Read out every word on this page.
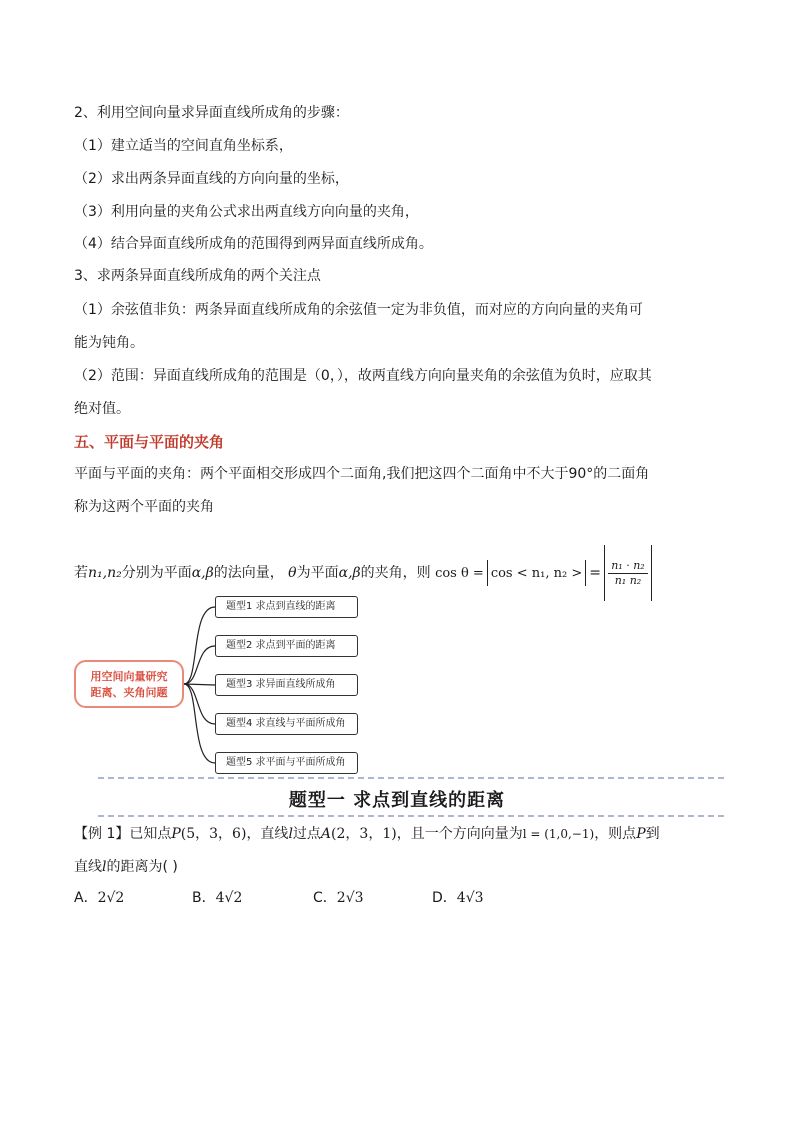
2、利用空间向量求异面直线所成角的步骤：
（1）建立适当的空间直角坐标系，
（2）求出两条异面直线的方向向量的坐标，
（3）利用向量的夹角公式求出两直线方向向量的夹角，
（4）结合异面直线所成角的范围得到两异面直线所成角。
3、求两条异面直线所成角的两个关注点
（1）余弦值非负：两条异面直线所成角的余弦值一定为非负值，而对应的方向向量的夹角可
能为钝角。
（2）范围：异面直线所成角的范围是（0，），故两直线方向向量夹角的余弦值为负时，应取其
绝对值。
五、平面与平面的夹角
平面与平面的夹角：两个平面相交形成四个二面角,我们把这四个二面角中不大于90°的二面角
称为这两个平面的夹角
若n₁,n₂分别为平面α,β的法向量， θ为平面α,β的夹角，则 cos θ = cos < n₁, n₂ > = $\frac{\text{n₁ · n₂}}{\text{n₁ n₂}}$
用空间向量研究
距离、夹角问题
题型1 求点到直线的距离
题型2 求点到平面的距离
题型3 求异面直线所成角
题型4 求直线与平面所成角
题型5 求平面与平面所成角
题型一 求点到直线的距离
【例 1】已知点P(5，3，6)，直线l过点A(2，3，1)，且一个方向向量为l = (1,0,−1)，则点P到
直线l的距离为( )
A．2√2	B．4√2	C．2√3	D．4√3
